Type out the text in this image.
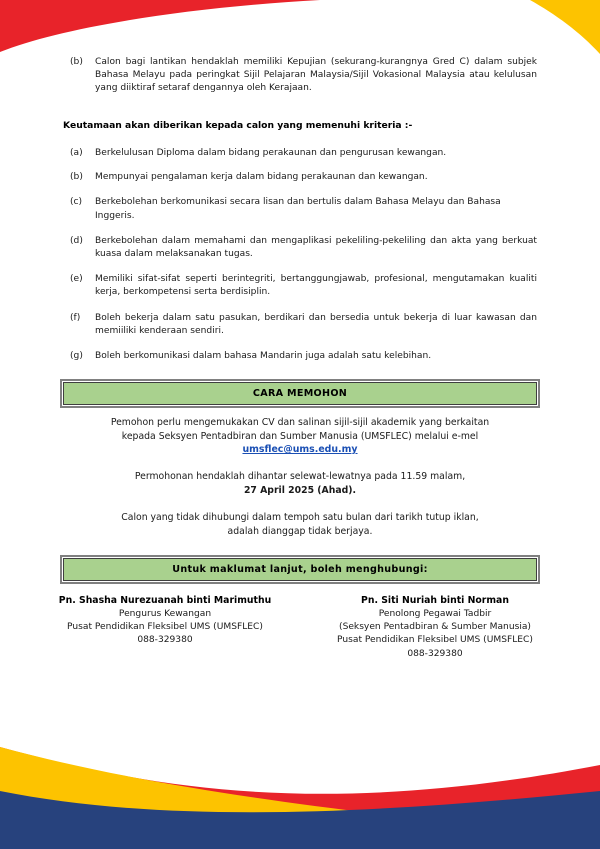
(b)	Calon bagi lantikan hendaklah memiliki Kepujian (sekurang-kurangnya Gred C) dalam subjek Bahasa Melayu pada peringkat Sijil Pelajaran Malaysia/Sijil Vokasional Malaysia atau kelulusan yang diiktiraf setaraf dengannya oleh Kerajaan.
Keutamaan akan diberikan kepada calon yang memenuhi kriteria :-
(a)	Berkelulusan Diploma dalam bidang perakaunan dan pengurusan kewangan.
(b)	Mempunyai pengalaman kerja dalam bidang perakaunan dan kewangan.
(c)	Berkebolehan berkomunikasi secara lisan dan bertulis dalam Bahasa Melayu dan Bahasa Inggeris.
(d)	Berkebolehan dalam memahami dan mengaplikasi pekeliling-pekeliling dan akta yang berkuat kuasa dalam melaksanakan tugas.
(e)	Memiliki sifat-sifat seperti berintegriti, bertanggungjawab, profesional, mengutamakan kualiti kerja, berkompetensi serta berdisiplin.
(f)	Boleh bekerja dalam satu pasukan, berdikari dan bersedia untuk bekerja di luar kawasan dan memiiliki kenderaan sendiri.
(g)	Boleh berkomunikasi dalam bahasa Mandarin juga adalah satu kelebihan.
CARA MEMOHON
Pemohon perlu mengemukakan CV dan salinan sijil-sijil akademik yang berkaitan
kepada Seksyen Pentadbiran dan Sumber Manusia (UMSFLEC) melalui e-mel
umsflec@ums.edu.my
Permohonan hendaklah dihantar selewat-lewatnya pada 11.59 malam,
27 April 2025 (Ahad).
Calon yang tidak dihubungi dalam tempoh satu bulan dari tarikh tutup iklan,
adalah dianggap tidak berjaya.
Untuk maklumat lanjut, boleh menghubungi:
Pn. Shasha Nurezuanah binti Marimuthu
Pengurus Kewangan
Pusat Pendidikan Fleksibel UMS (UMSFLEC)
088-329380
Pn. Siti Nuriah binti Norman
Penolong Pegawai Tadbir
(Seksyen Pentadbiran & Sumber Manusia)
Pusat Pendidikan Fleksibel UMS (UMSFLEC)
088-329380
